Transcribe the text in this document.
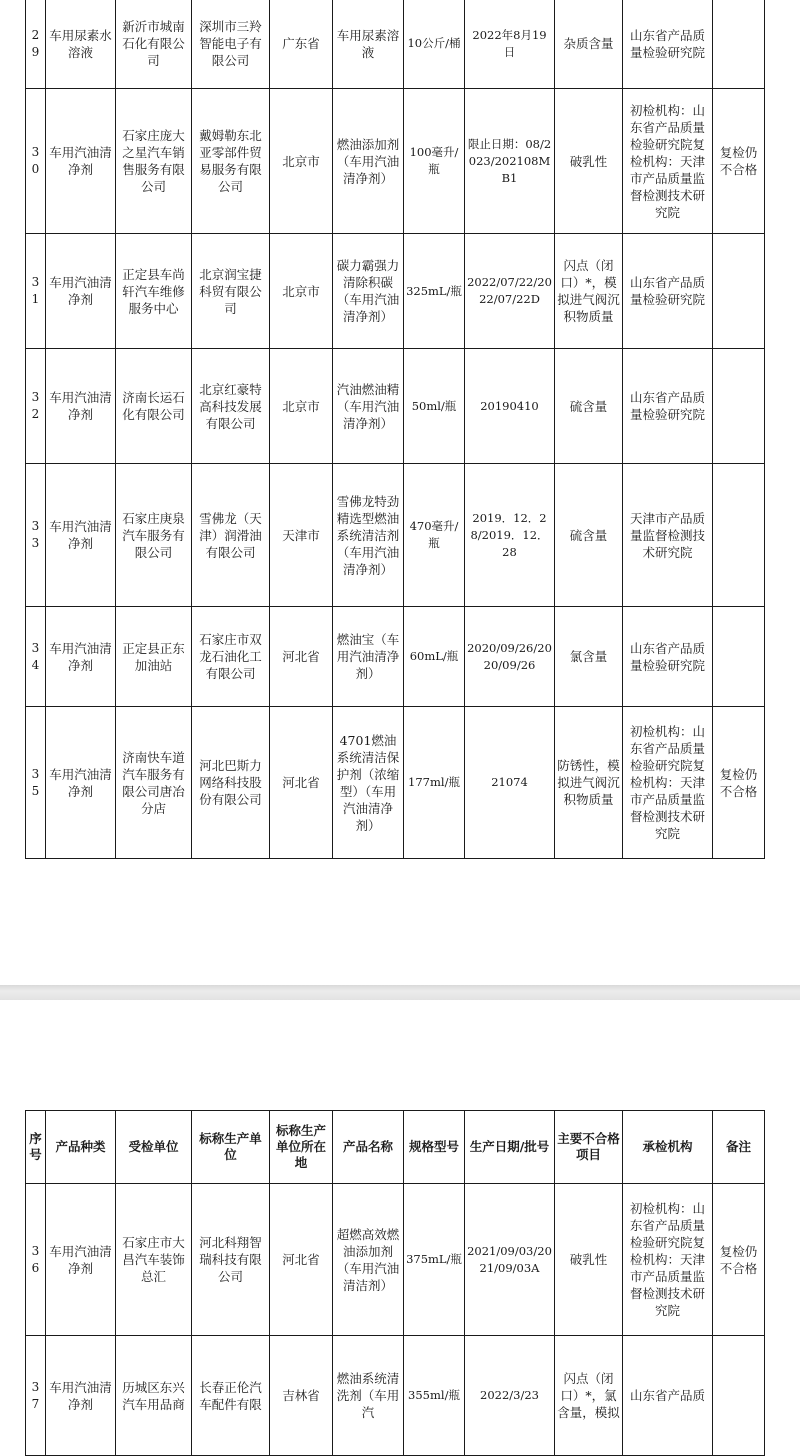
29	车用尿素水溶液	新沂市城南石化有限公司	深圳市三羚智能电子有限公司	广东省	车用尿素溶液	10公斤/桶	2022年8月19日	杂质含量	山东省产品质量检验研究院	
30	车用汽油清净剂	石家庄庞大之星汽车销售服务有限公司	戴姆勒东北亚零部件贸易服务有限公司	北京市	燃油添加剂（车用汽油清净剂）	100毫升/瓶	限止日期：08/2023/202108MB1	破乳性	初检机构：山东省产品质量检验研究院复检机构：天津市产品质量监督检测技术研究院	复检仍不合格
31	车用汽油清净剂	正定县车尚轩汽车维修服务中心	北京润宝捷科贸有限公司	北京市	碳力霸强力清除积碳（车用汽油清净剂）	325mL/瓶	2022/07/22/2022/07/22D	闪点（闭口）*，模拟进气阀沉积物质量	山东省产品质量检验研究院	
32	车用汽油清净剂	济南长运石化有限公司	北京红豪特高科技发展有限公司	北京市	汽油燃油精（车用汽油清净剂）	50ml/瓶	20190410	硫含量	山东省产品质量检验研究院	
33	车用汽油清净剂	石家庄庚泉汽车服务有限公司	雪佛龙（天津）润滑油有限公司	天津市	雪佛龙特劲精选型燃油系统清洁剂（车用汽油清净剂）	470毫升/瓶	2019．12．28/2019．12．28	硫含量	天津市产品质量监督检测技术研究院	
34	车用汽油清净剂	正定县正东加油站	石家庄市双龙石油化工有限公司	河北省	燃油宝（车用汽油清净剂）	60mL/瓶	2020/09/26/2020/09/26	氯含量	山东省产品质量检验研究院	
35	车用汽油清净剂	济南快车道汽车服务有限公司唐冶分店	河北巴斯力网络科技股份有限公司	河北省	4701燃油系统清洁保护剂（浓缩型）（车用汽油清净剂）	177ml/瓶	21074	防锈性，模拟进气阀沉积物质量	初检机构：山东省产品质量检验研究院复检机构：天津市产品质量监督检测技术研究院	复检仍不合格
序号	产品种类	受检单位	标称生产单位	标称生产单位所在地	产品名称	规格型号	生产日期/批号	主要不合格项目	承检机构	备注
36	车用汽油清净剂	石家庄市大昌汽车装饰总汇	河北科翔智瑞科技有限公司	河北省	超燃高效燃油添加剂（车用汽油清洁剂）	375mL/瓶	2021/09/03/2021/09/03A	破乳性	初检机构：山东省产品质量检验研究院复检机构：天津市产品质量监督检测技术研究院	复检仍不合格
37	车用汽油清净剂	历城区东兴汽车用品商	长春正伦汽车配件有限	吉林省	燃油系统清洗剂（车用汽	355ml/瓶	2022/3/23	闪点（闭口）*，氯含量，模拟	山东省产品质	
